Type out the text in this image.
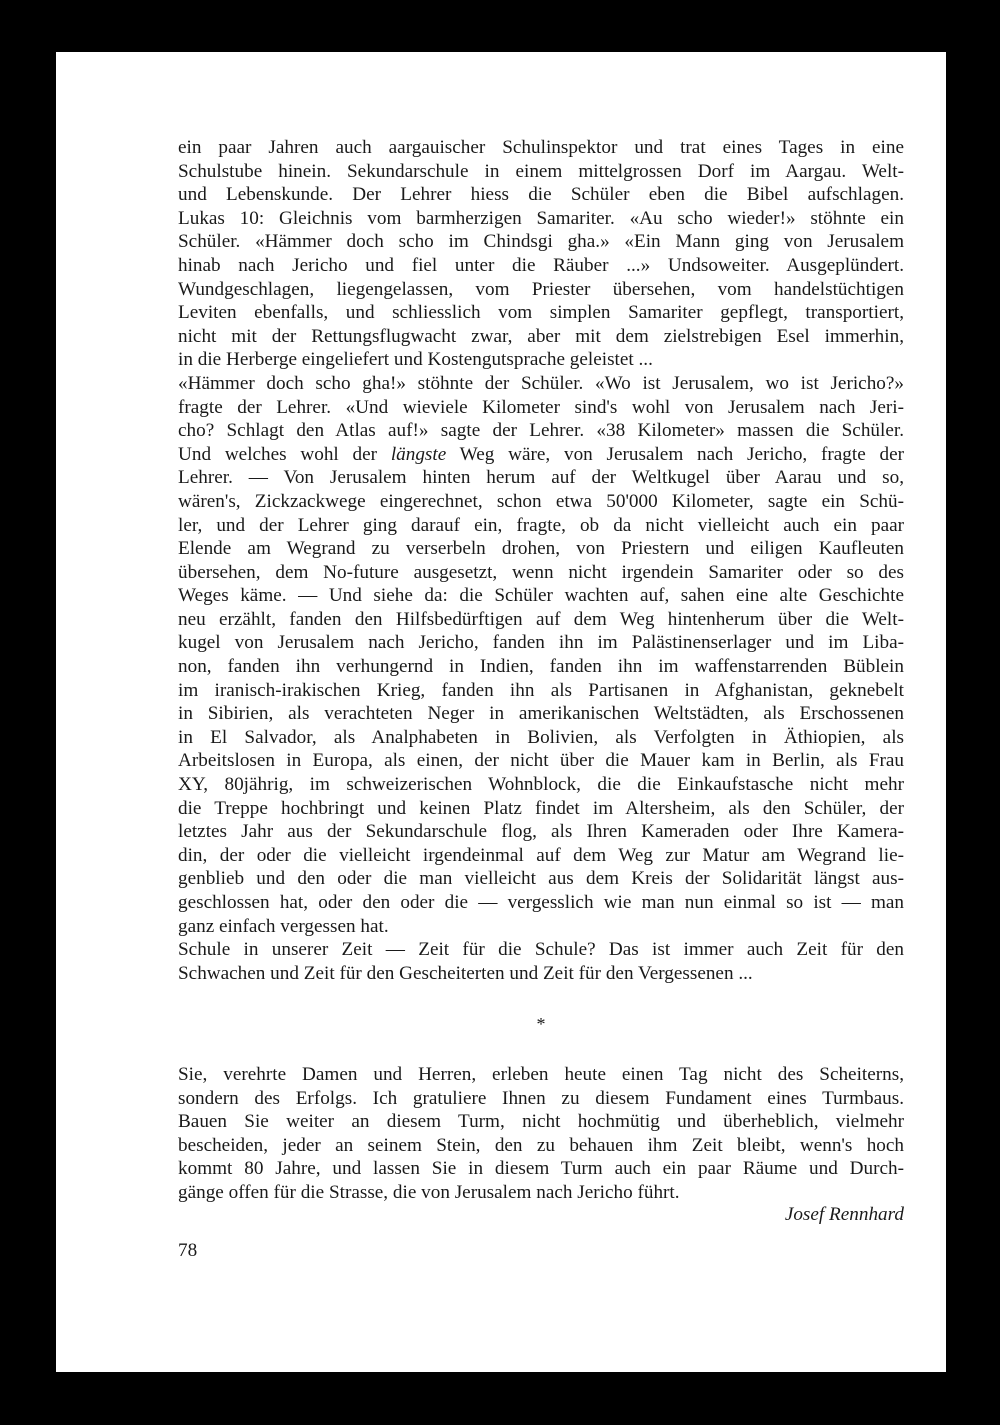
ein paar Jahren auch aargauischer Schulinspektor und trat eines Tages in eine
Schulstube hinein. Sekundarschule in einem mittelgrossen Dorf im Aargau. Welt-
und Lebenskunde. Der Lehrer hiess die Schüler eben die Bibel aufschlagen.
Lukas 10: Gleichnis vom barmherzigen Samariter. «Au scho wieder!» stöhnte ein
Schüler. «Hämmer doch scho im Chindsgi gha.» «Ein Mann ging von Jerusalem
hinab nach Jericho und fiel unter die Räuber ...» Undsoweiter. Ausgeplündert.
Wundgeschlagen, liegengelassen, vom Priester übersehen, vom handelstüchtigen
Leviten ebenfalls, und schliesslich vom simplen Samariter gepflegt, transportiert,
nicht mit der Rettungsflugwacht zwar, aber mit dem zielstrebigen Esel immerhin,
in die Herberge eingeliefert und Kostengutsprache geleistet ...
«Hämmer doch scho gha!» stöhnte der Schüler. «Wo ist Jerusalem, wo ist Jericho?»
fragte der Lehrer. «Und wieviele Kilometer sind's wohl von Jerusalem nach Jeri-
cho? Schlagt den Atlas auf!» sagte der Lehrer. «38 Kilometer» massen die Schüler.
Und welches wohl der längste Weg wäre, von Jerusalem nach Jericho, fragte der
Lehrer. — Von Jerusalem hinten herum auf der Weltkugel über Aarau und so,
wären's, Zickzackwege eingerechnet, schon etwa 50'000 Kilometer, sagte ein Schü-
ler, und der Lehrer ging darauf ein, fragte, ob da nicht vielleicht auch ein paar
Elende am Wegrand zu verserbeln drohen, von Priestern und eiligen Kaufleuten
übersehen, dem No-future ausgesetzt, wenn nicht irgendein Samariter oder so des
Weges käme. — Und siehe da: die Schüler wachten auf, sahen eine alte Geschichte
neu erzählt, fanden den Hilfsbedürftigen auf dem Weg hintenherum über die Welt-
kugel von Jerusalem nach Jericho, fanden ihn im Palästinenserlager und im Liba-
non, fanden ihn verhungernd in Indien, fanden ihn im waffenstarrenden Büblein
im iranisch-irakischen Krieg, fanden ihn als Partisanen in Afghanistan, geknebelt
in Sibirien, als verachteten Neger in amerikanischen Weltstädten, als Erschossenen
in El Salvador, als Analphabeten in Bolivien, als Verfolgten in Äthiopien, als
Arbeitslosen in Europa, als einen, der nicht über die Mauer kam in Berlin, als Frau
XY, 80jährig, im schweizerischen Wohnblock, die die Einkaufstasche nicht mehr
die Treppe hochbringt und keinen Platz findet im Altersheim, als den Schüler, der
letztes Jahr aus der Sekundarschule flog, als Ihren Kameraden oder Ihre Kamera-
din, der oder die vielleicht irgendeinmal auf dem Weg zur Matur am Wegrand lie-
genblieb und den oder die man vielleicht aus dem Kreis der Solidarität längst aus-
geschlossen hat, oder den oder die — vergesslich wie man nun einmal so ist — man
ganz einfach vergessen hat.
Schule in unserer Zeit — Zeit für die Schule? Das ist immer auch Zeit für den
Schwachen und Zeit für den Gescheiterten und Zeit für den Vergessenen ...
*
Sie, verehrte Damen und Herren, erleben heute einen Tag nicht des Scheiterns,
sondern des Erfolgs. Ich gratuliere Ihnen zu diesem Fundament eines Turmbaus.
Bauen Sie weiter an diesem Turm, nicht hochmütig und überheblich, vielmehr
bescheiden, jeder an seinem Stein, den zu behauen ihm Zeit bleibt, wenn's hoch
kommt 80 Jahre, und lassen Sie in diesem Turm auch ein paar Räume und Durch-
gänge offen für die Strasse, die von Jerusalem nach Jericho führt.
Josef Rennhard
78
